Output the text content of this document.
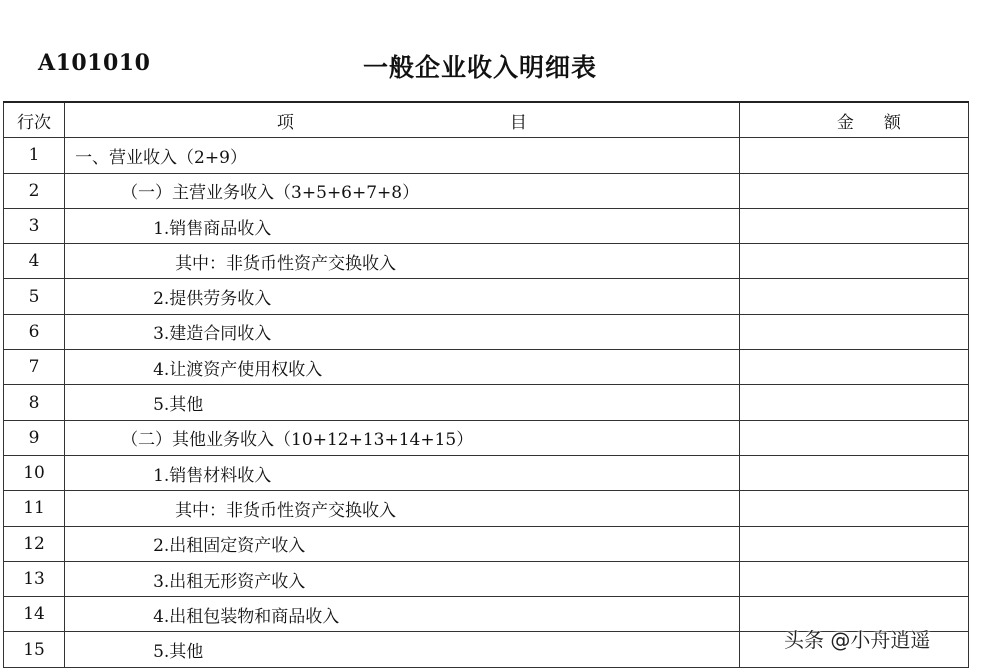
A101010	一般企业收入明细表
行次	项 目	金 额

1	一、营业收入（2+9）	
2	（一）主营业务收入（3+5+6+7+8）	
3	1.销售商品收入	
4	其中：非货币性资产交换收入	
5	2.提供劳务收入	
6	3.建造合同收入	
7	4.让渡资产使用权收入	
8	5.其他	
9	（二）其他业务收入（10+12+13+14+15）	
10	1.销售材料收入	
11	其中：非货币性资产交换收入	
12	2.出租固定资产收入	
13	3.出租无形资产收入	
14	4.出租包装物和商品收入	
15	5.其他	
头条 @小舟逍遥
